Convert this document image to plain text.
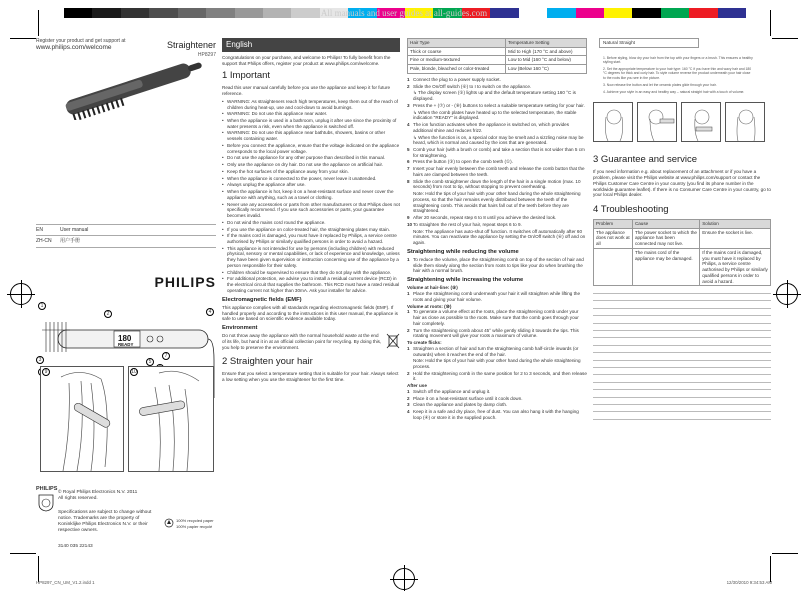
All manuals and user guides at all-guides.com
Register your product and get support at
www.philips.com/welcome	Straightener
HP8297
EN	User manual
ZH-CN	用户手册
PHILIPS
180
READY
1
2
3
4
5
7
9	10
PHILIPS
© Royal Philips Electronics N.V. 2011
All rights reserved.
Specifications are subject to change without notice. Trademarks are the property of Koninklijke Philips Electronics N.V. or their respective owners.
3140 035 22143
100% recycled paper
100% papier recyclé
HP8297_CN_UM_V1.2.indd 1
English

Congratulations on your purchase, and welcome to Philips! To fully benefit from the support that Philips offers, register your product at www.philips.com/welcome.

1 Important

Read this user manual carefully before you use the appliance and keep it for future reference.

• WARNING: As straighteners reach high temperatures, keep them out of the reach of children during heat-up, use and cool-down to avoid burnings.
• WARNING: Do not use this appliance near water.
• When the appliance is used in a bathroom, unplug it after use since the proximity of water presents a risk, even when the appliance is switched off.
• WARNING: Do not use this appliance near bathtubs, showers, basins or other vessels containing water.
• Before you connect the appliance, ensure that the voltage indicated on the appliance corresponds to the local power voltage.
• Do not use the appliance for any other purpose than described in this manual.
• Only use the appliance on dry hair. Do not use the appliance on artificial hair.
• Keep the hot surfaces of the appliance away from your skin.
• When the appliance is connected to the power, never leave it unattended.
• Always unplug the appliance after use.
• When the appliance is hot, keep it on a heat-resistant surface and never cover the appliance with anything, such as a towel or clothing.
• Never use any accessories or parts from other manufacturers or that Philips does not specifically recommend. If you use such accessories or parts, your guarantee becomes invalid.
• Do not wind the mains cord round the appliance.
• If you use the appliance on color-treated hair, the straightening plates may stain.
• If the mains cord is damaged, you must have it replaced by Philips, a service centre authorised by Philips or similarly qualified persons in order to avoid a hazard.
• This appliance is not intended for use by persons (including children) with reduced physical, sensory or mental capabilities, or lack of experience and knowledge, unless they have been given supervision or instruction concerning use of the appliance by a person responsible for their safety.
• Children should be supervised to ensure that they do not play with the appliance.
• For additional protection, we advise you to install a residual current device (RCD) in the electrical circuit that supplies the bathroom. This RCD must have a rated residual operating current not higher than 30mA. Ask your installer for advice.
Electromagnetic fields (EMF)

This appliance complies with all standards regarding electromagnetic fields (EMF). If handled properly and according to the instructions in this user manual, the appliance is safe to use based on scientific evidence available today.

Environment

Do not throw away the appliance with the normal household waste at the end of its life, but hand it in at an official collection point for recycling. By doing this, you help to preserve the environment.

2 Straighten your hair

Ensure that you select a temperature setting that is suitable for your hair. Always select a low setting when you use the straightener for the first time.

Hair Type	Temperature Setting
Thick or coarse	Mid to High (170 °C and above)
Fine or medium-textured	Low to Mid (160 °C and below)
Pale, blonde, bleached or color-treated	Low (Below 160 °C)
1 Connect the plug to a power supply socket.
2 Slide the On/Off switch (⑥) to I to switch on the appliance.
↳ The display screen (⑤) lights up and the default temperature setting 160 °C is displayed.
3 Press the + (⑦) or - (⑧) buttons to select a suitable temperature setting for your hair.
↳ When the comb plates have heated up to the selected temperature, the stable indication "READY" is displayed.
4 The ion function activates when the appliance is switched on, which provides additional shine and reduces frizz.
↳ When the function is on, a special odor may be smelt and a sizzling noise may be heard, which is normal and caused by the ions that are generated.
5 Comb your hair (with a brush or comb) and take a section that is not wider than 5 cm for straightening.
6 Press the button (③) to open the comb teeth (①).
7 Insert your hair evenly between the comb teeth and release the comb button that the hairs are clamped between the teeth.
8 Slide the comb straightener down the length of the hair in a single motion (max. 10 seconds) from root to tip, without stopping to prevent overheating.
Note: Hold the tips of your hair with your other hand during the whole straightening process, so that the hair remains evenly distributed between the teeth of the straightening comb. This avoids that hairs fall out of the teeth before they are straightened.
9 After 20 seconds, repeat step 6 to 8 until you achieve the desired look.
10 To straighten the rest of your hair, repeat steps 6 to 9.
Note: The appliance has auto-shut off function. It switches off automatically after 60 minutes. You can reactivate the appliance by setting the On/Off switch (⑥) off and on again.
Straightening while reducing the volume
1 To reduce the volume, place the straightening comb on top of the section of hair and slide them slowly along the section from roots to tips like your do when brushing the hair with a normal brush.
Straightening while increasing the volume
Volume at hair-line: (⑨)
1 Place the straightening comb underneath your hair it will straighten while lifting the roots and giving your hair volume.
Volume at roots: (⑩)
1 To generate a volume effect at the roots, place the straightening comb under your hair as close as possible to the roots. Make sure that the comb goes through your hair completely.
2 Turn the straightening comb about 45° while gently sliding it towards the tips. This rotating movement will give your roots a maximum of volume.
To create flicks:
1 Straighten a section of hair and turn the straightening comb half-circle inwards (or outwards) when it reaches the end of the hair.
Note: Hold the tips of your hair with your other hand during the whole straightening process.
2 Hold the straightening comb in the same position for 2 to 3 seconds, and then release it.
After use
1 Switch off the appliance and unplug it.
2 Place it on a heat-resistant surface until it cools down.
3 Clean the appliance and plates by damp cloth.
4 Keep it in a safe and dry place, free of dust. You can also hang it with the hanging loop (④) or store it in the supplied pouch.
Natural Straight

1. Before styling, blow dry your hair from the top with your fingers or a brush. This ensures a healthy styling start.

2. Set the appropriate temperature to your hair type: 160 °C if you have thin and wavy hair and 180 °C degrees for thick and curly hair. To style volume reverse the product underneath your hair close to the roots like you see in the picture.

3. Now release the button and let the ceramic plates glide through your hair.

4. Achieve your style in an easy and healthy way – natural straight hair with a touch of volume.

3 Guarantee and service

If you need information e.g. about replacement of an attachment or if you have a problem, please visit the Philips website at www.philips.com/support or contact the Philips Customer Care Centre in your country (you find its phone number in the worldwide guarantee leaflet). If there is no Consumer Care Centre in your country, go to your local Philips dealer.

4 Troubleshooting
Problem	Cause	Solution
The appliance does not work at all	The power socket to which the appliance has been connected may not live.	Ensure the socket is live.
	The mains cord of the appliance may be damaged.	If the mains cord is damaged, you must have it replaced by Philips, a service centre authorised by Philips or similarly qualified persons in order to avoid a hazard.
12/30/2010 9:34:53 AM
